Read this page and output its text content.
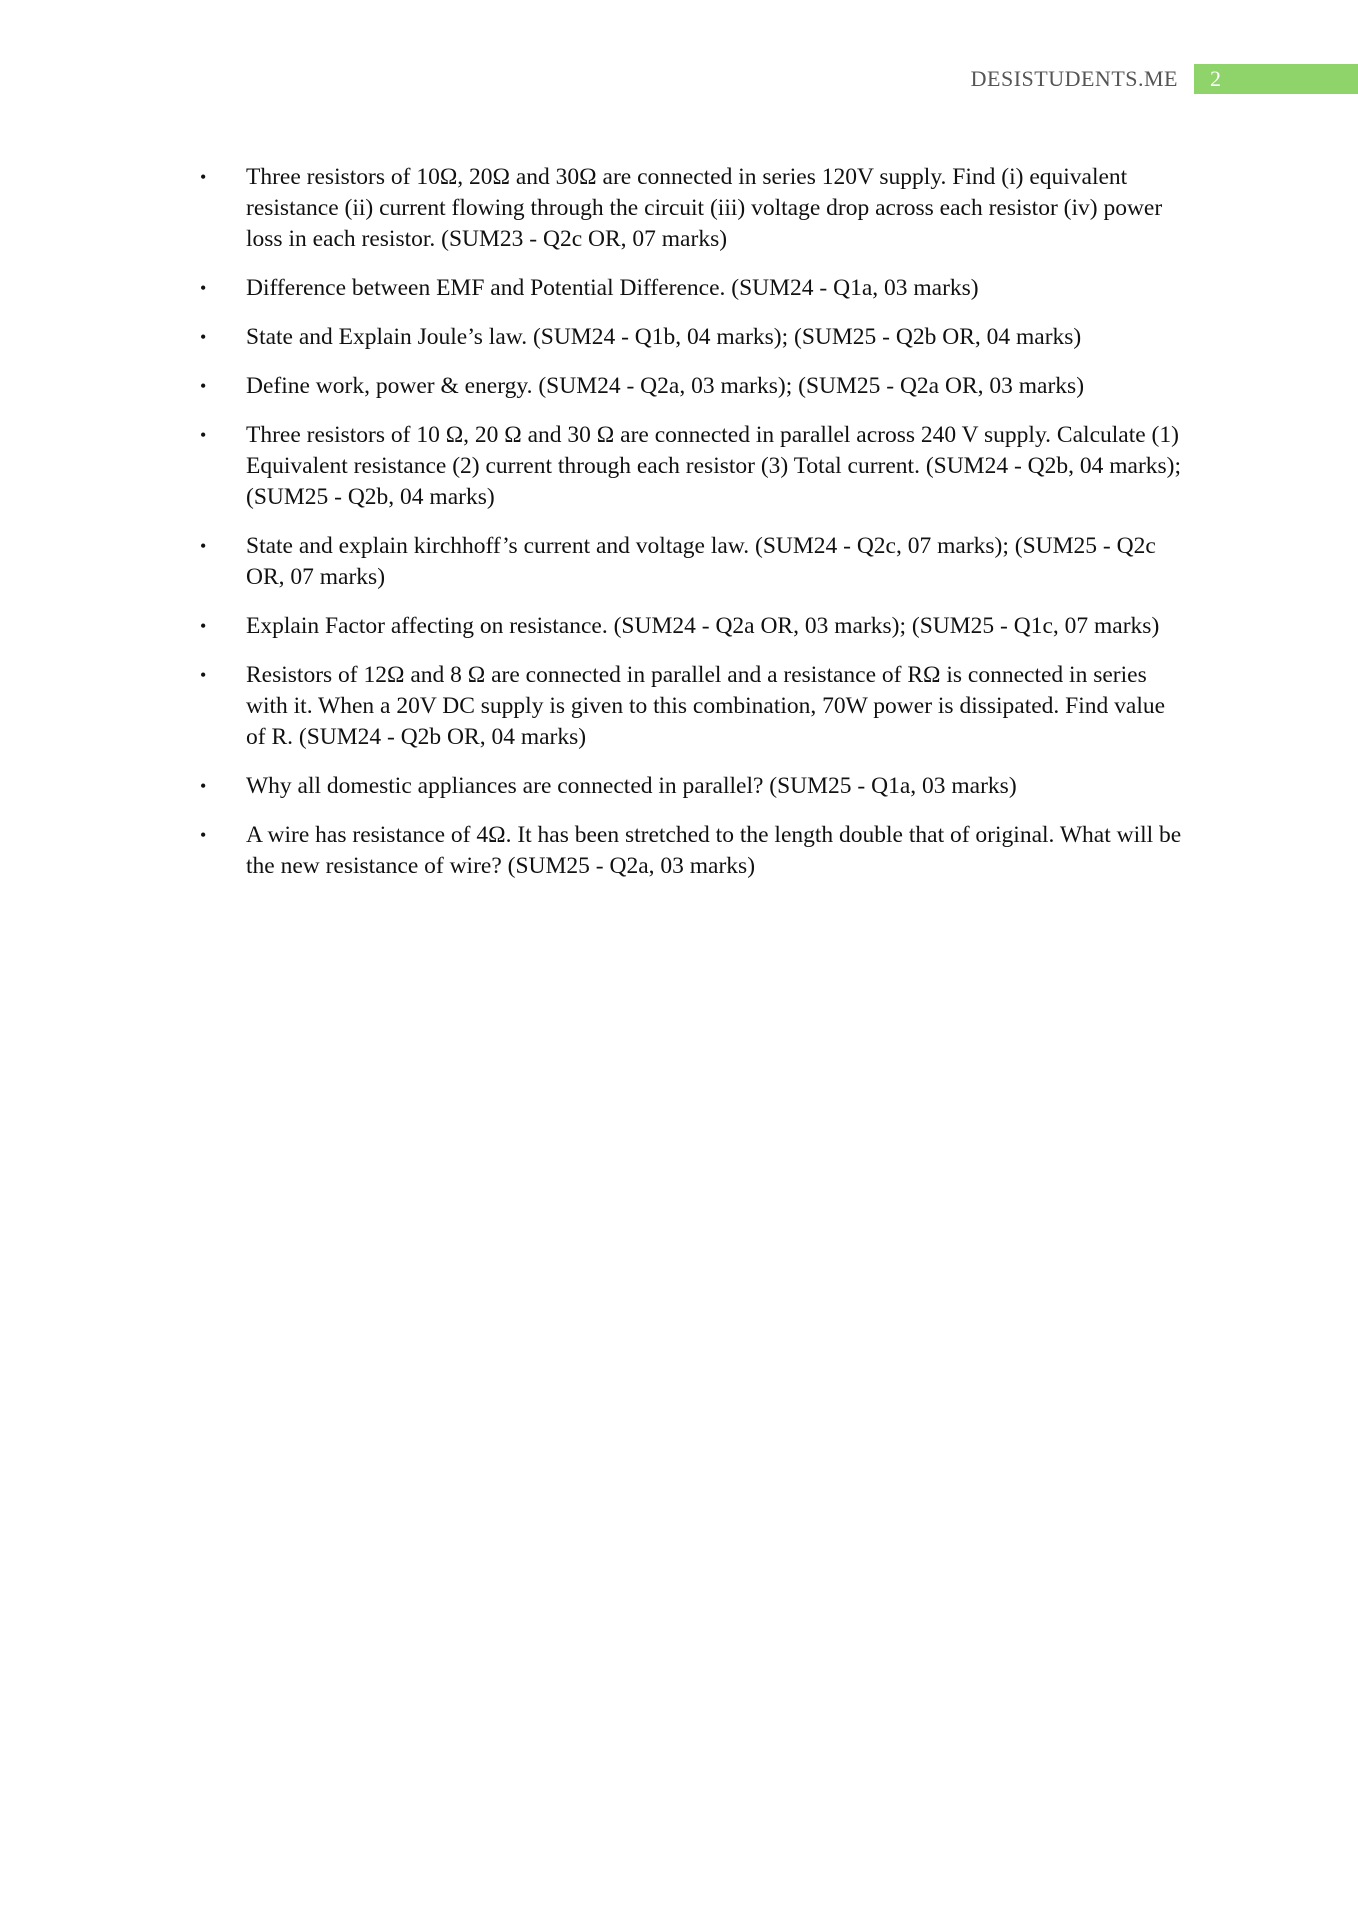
DESISTUDENTS.ME	2
• Three resistors of 10Ω, 20Ω and 30Ω are connected in series 120V supply. Find (i) equivalent resistance (ii) current flowing through the circuit (iii) voltage drop across each resistor (iv) power loss in each resistor. (SUM23 - Q2c OR, 07 marks)
• Difference between EMF and Potential Difference. (SUM24 - Q1a, 03 marks)
• State and Explain Joule’s law. (SUM24 - Q1b, 04 marks); (SUM25 - Q2b OR, 04 marks)
• Define work, power & energy. (SUM24 - Q2a, 03 marks); (SUM25 - Q2a OR, 03 marks)
• Three resistors of 10 Ω, 20 Ω and 30 Ω are connected in parallel across 240 V supply. Calculate (1) Equivalent resistance (2) current through each resistor (3) Total current. (SUM24 - Q2b, 04 marks); (SUM25 - Q2b, 04 marks)
• State and explain kirchhoff’s current and voltage law. (SUM24 - Q2c, 07 marks); (SUM25 - Q2c OR, 07 marks)
• Explain Factor affecting on resistance. (SUM24 - Q2a OR, 03 marks); (SUM25 - Q1c, 07 marks)
• Resistors of 12Ω and 8 Ω are connected in parallel and a resistance of RΩ is connected in series with it. When a 20V DC supply is given to this combination, 70W power is dissipated. Find value of R. (SUM24 - Q2b OR, 04 marks)
• Why all domestic appliances are connected in parallel? (SUM25 - Q1a, 03 marks)
• A wire has resistance of 4Ω. It has been stretched to the length double that of original. What will be the new resistance of wire? (SUM25 - Q2a, 03 marks)
